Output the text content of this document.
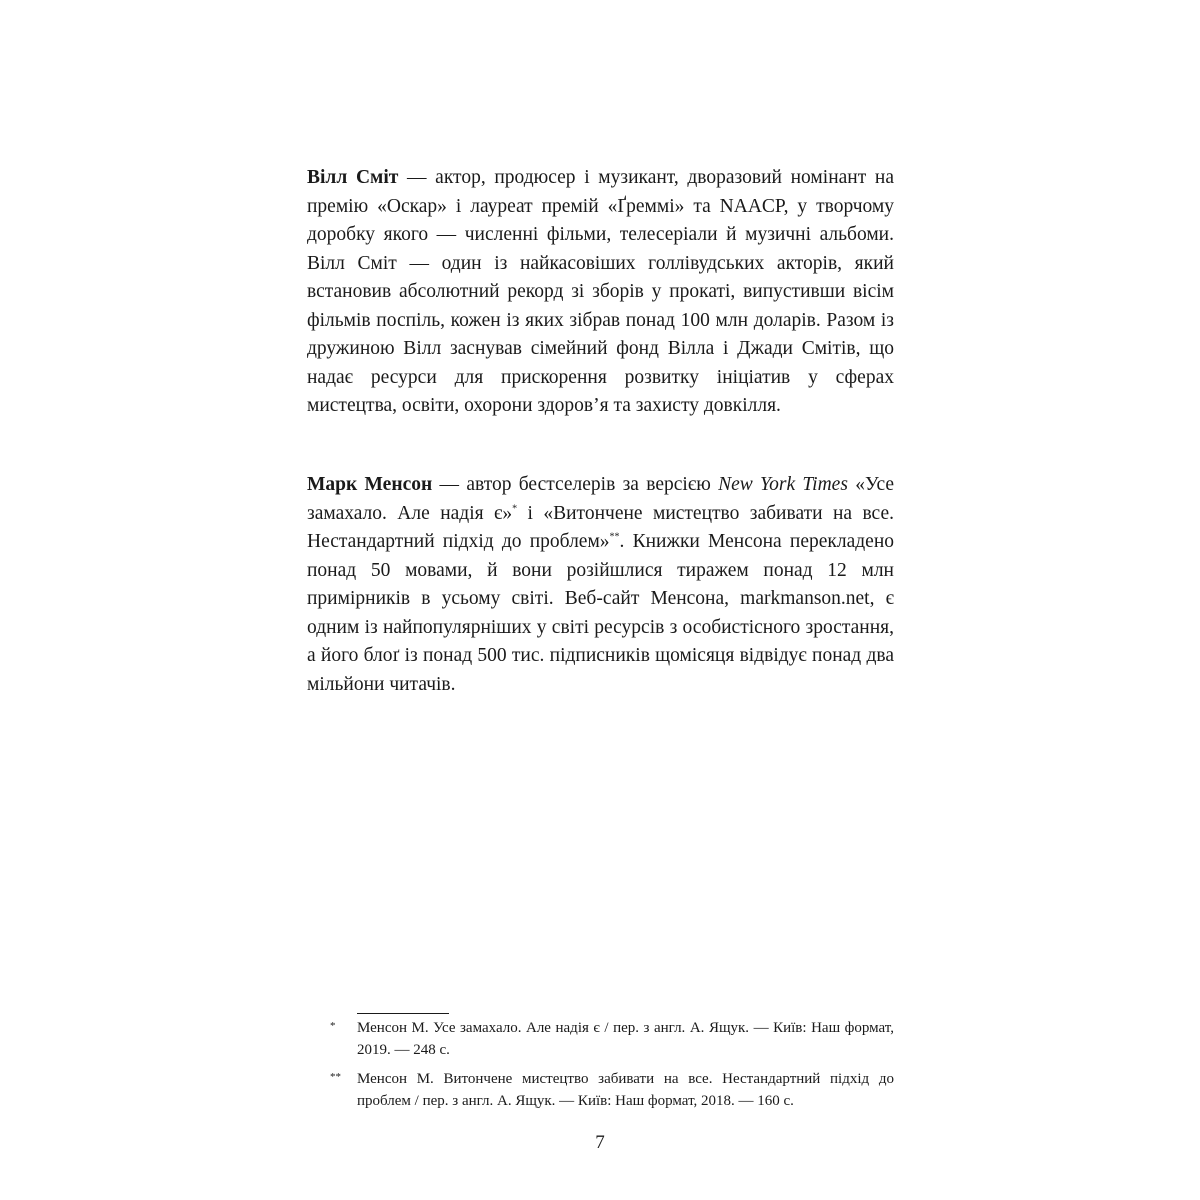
Вілл Сміт — актор, продюсер і музикант, дворазовий номінант на премію «Оскар» і лауреат премій «Ґреммі» та NAACP, у творчому доробку якого — численні фільми, телесеріали й музичні альбоми. Вілл Сміт — один із найкасовіших голлівудських акторів, який встановив абсолютний рекорд зі зборів у прокаті, випустивши вісім фільмів поспіль, кожен із яких зібрав понад 100 млн доларів. Разом із дружиною Вілл заснував сімейний фонд Вілла і Джади Смітів, що надає ресурси для прискорення розвитку ініціатив у сферах мистецтва, освіти, охорони здоров’я та захисту довкілля.

Марк Менсон — автор бестселерів за версією New York Times «Усе замахало. Але надія є»* і «Витончене мистецтво забивати на все. Нестандартний підхід до проблем»**. Книжки Менсона перекладено понад 50 мовами, й вони розійшлися тиражем понад 12 млн примірників в усьому світі. Веб-сайт Менсона, markmanson.net, є одним із найпопулярніших у світі ресурсів з особистісного зростання, а його блоґ із понад 500 тис. підписників щомісяця відвідує понад два мільйони читачів.

* Менсон М. Усе замахало. Але надія є / пер. з англ. А. Ящук. — Київ: Наш формат, 2019. — 248 с.
** Менсон М. Витончене мистецтво забивати на все. Нестандартний підхід до проблем / пер. з англ. А. Ящук. — Київ: Наш формат, 2018. — 160 с.
7
